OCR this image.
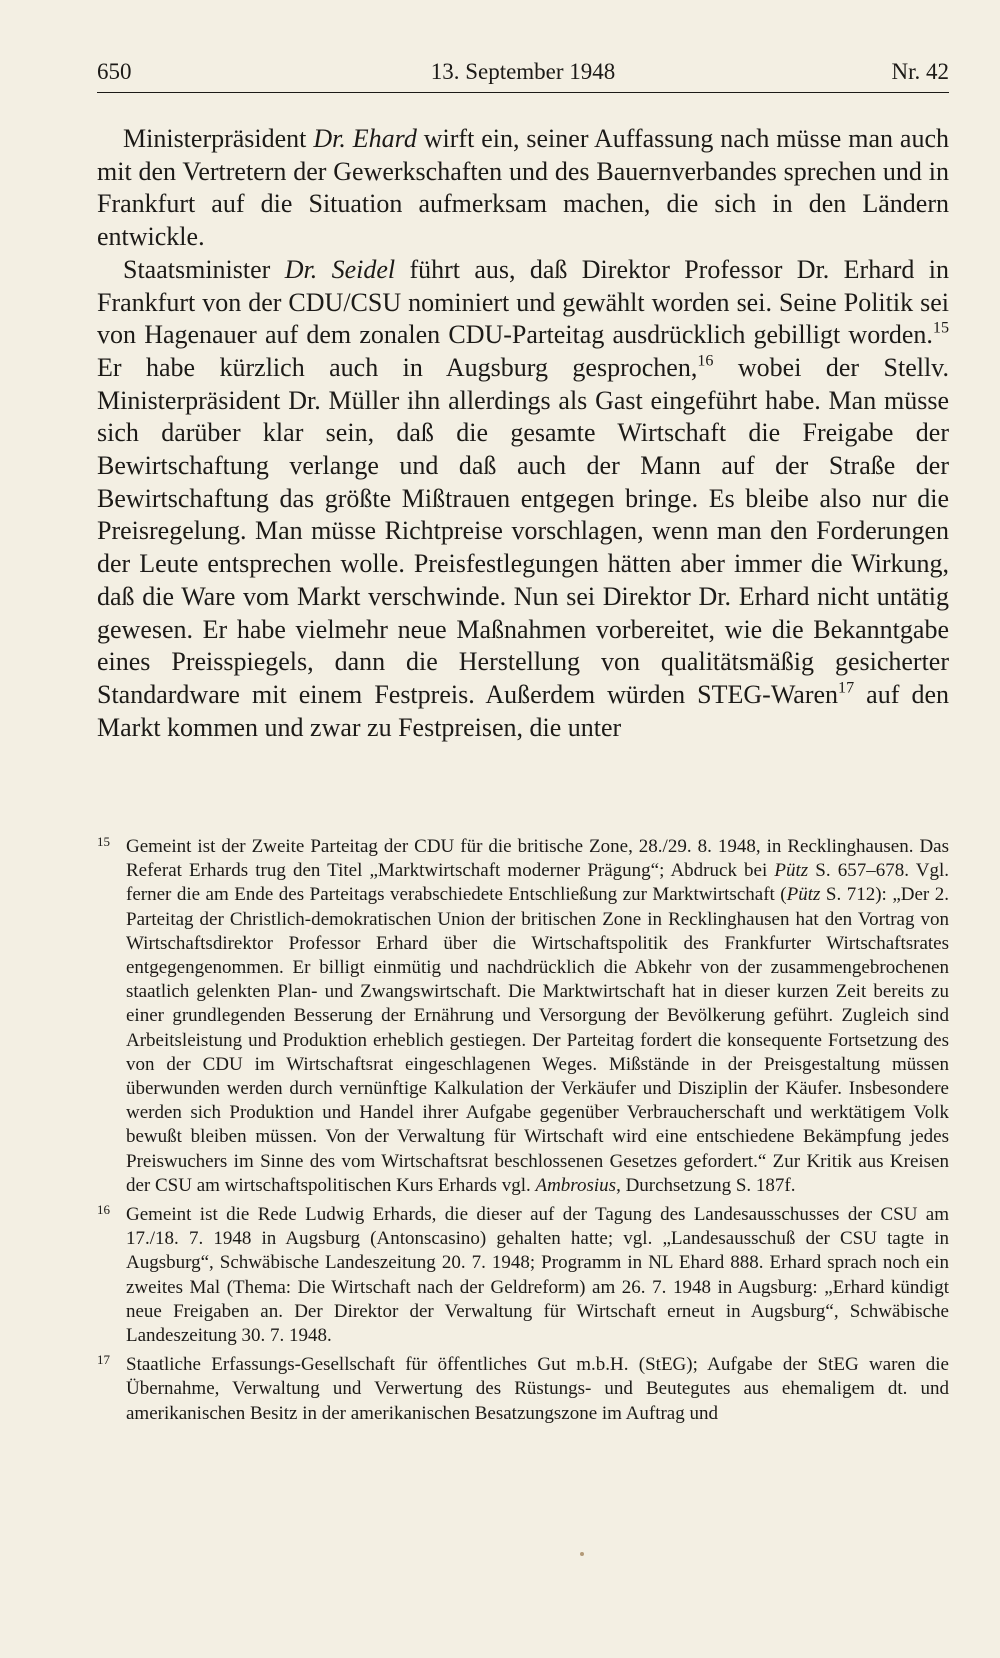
650	13. September 1948	Nr. 42

Ministerpräsident Dr. Ehard wirft ein, seiner Auffassung nach müsse man auch mit den Vertretern der Gewerkschaften und des Bauernverbandes sprechen und in Frankfurt auf die Situation aufmerksam machen, die sich in den Ländern entwickle.

Staatsminister Dr. Seidel führt aus, daß Direktor Professor Dr. Erhard in Frankfurt von der CDU/CSU nominiert und gewählt worden sei. Seine Politik sei von Hagenauer auf dem zonalen CDU-Parteitag ausdrücklich gebilligt worden.$^{15}$ Er habe kürzlich auch in Augsburg gesprochen,$^{16}$ wobei der Stellv. Ministerpräsident Dr. Müller ihn allerdings als Gast eingeführt habe. Man müsse sich darüber klar sein, daß die gesamte Wirtschaft die Freigabe der Bewirtschaftung verlange und daß auch der Mann auf der Straße der Bewirtschaftung das größte Mißtrauen entgegen bringe. Es bleibe also nur die Preisregelung. Man müsse Richtpreise vorschlagen, wenn man den Forderungen der Leute entsprechen wolle. Preisfestlegungen hätten aber immer die Wirkung, daß die Ware vom Markt verschwinde. Nun sei Direktor Dr. Erhard nicht untätig gewesen. Er habe vielmehr neue Maßnahmen vorbereitet, wie die Bekanntgabe eines Preisspiegels, dann die Herstellung von qualitätsmäßig gesicherter Standardware mit einem Festpreis. Außerdem würden STEG-Waren$^{17}$ auf den Markt kommen und zwar zu Festpreisen, die unter

15 Gemeint ist der Zweite Parteitag der CDU für die britische Zone, 28./29. 8. 1948, in Recklinghausen. Das Referat Erhards trug den Titel „Marktwirtschaft moderner Prägung“; Abdruck bei Pütz S. 657–678. Vgl. ferner die am Ende des Parteitags verabschiedete Entschließung zur Marktwirtschaft (Pütz S. 712): „Der 2. Parteitag der Christlich-demokratischen Union der britischen Zone in Recklinghausen hat den Vortrag von Wirtschaftsdirektor Professor Erhard über die Wirtschaftspolitik des Frankfurter Wirtschaftsrates entgegengenommen. Er billigt einmütig und nachdrücklich die Abkehr von der zusammengebrochenen staatlich gelenkten Plan- und Zwangswirtschaft. Die Marktwirtschaft hat in dieser kurzen Zeit bereits zu einer grundlegenden Besserung der Ernährung und Versorgung der Bevölkerung geführt. Zugleich sind Arbeitsleistung und Produktion erheblich gestiegen. Der Parteitag fordert die konsequente Fortsetzung des von der CDU im Wirtschaftsrat eingeschlagenen Weges. Mißstände in der Preisgestaltung müssen überwunden werden durch vernünftige Kalkulation der Verkäufer und Disziplin der Käufer. Insbesondere werden sich Produktion und Handel ihrer Aufgabe gegenüber Verbraucherschaft und werktätigem Volk bewußt bleiben müssen. Von der Verwaltung für Wirtschaft wird eine entschiedene Bekämpfung jedes Preiswuchers im Sinne des vom Wirtschaftsrat beschlossenen Gesetzes gefordert.“ Zur Kritik aus Kreisen der CSU am wirtschaftspolitischen Kurs Erhards vgl. Ambrosius, Durchsetzung S. 187f.
16 Gemeint ist die Rede Ludwig Erhards, die dieser auf der Tagung des Landesausschusses der CSU am 17./18. 7. 1948 in Augsburg (Antonscasino) gehalten hatte; vgl. „Landesausschuß der CSU tagte in Augsburg“, Schwäbische Landeszeitung 20. 7. 1948; Programm in NL Ehard 888. Erhard sprach noch ein zweites Mal (Thema: Die Wirtschaft nach der Geldreform) am 26. 7. 1948 in Augsburg: „Erhard kündigt neue Freigaben an. Der Direktor der Verwaltung für Wirtschaft erneut in Augsburg“, Schwäbische Landeszeitung 30. 7. 1948.
17 Staatliche Erfassungs-Gesellschaft für öffentliches Gut m.b.H. (StEG); Aufgabe der StEG waren die Übernahme, Verwaltung und Verwertung des Rüstungs- und Beutegutes aus ehemaligem dt. und amerikanischen Besitz in der amerikanischen Besatzungszone im Auftrag und
